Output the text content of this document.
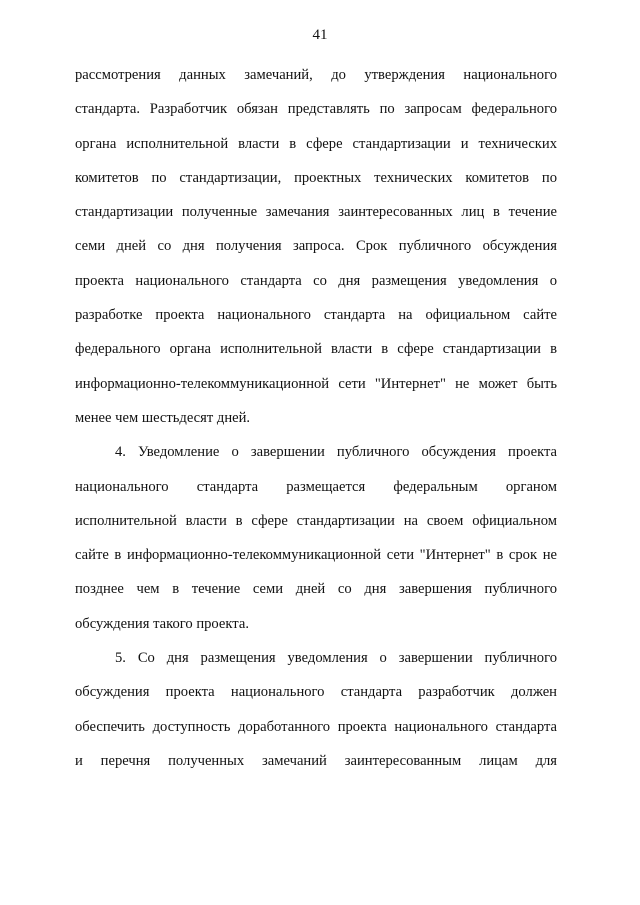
41
рассмотрения данных замечаний, до утверждения национального
стандарта. Разработчик обязан представлять по запросам федерального
органа исполнительной власти в сфере стандартизации и технических
комитетов по стандартизации, проектных технических комитетов по
стандартизации полученные замечания заинтересованных лиц в течение
семи дней со дня получения запроса. Срок публичного обсуждения
проекта национального стандарта со дня размещения уведомления о
разработке проекта национального стандарта на официальном сайте
федерального органа исполнительной власти в сфере стандартизации в
информационно-телекоммуникационной сети "Интернет" не может быть
менее чем шестьдесят дней.
4. Уведомление о завершении публичного обсуждения проекта
национального стандарта размещается федеральным органом
исполнительной власти в сфере стандартизации на своем официальном
сайте в информационно-телекоммуникационной сети "Интернет" в срок не
позднее чем в течение семи дней со дня завершения публичного
обсуждения такого проекта.
5. Со дня размещения уведомления о завершении публичного
обсуждения проекта национального стандарта разработчик должен
обеспечить доступность доработанного проекта национального стандарта
и перечня полученных замечаний заинтересованным лицам для
